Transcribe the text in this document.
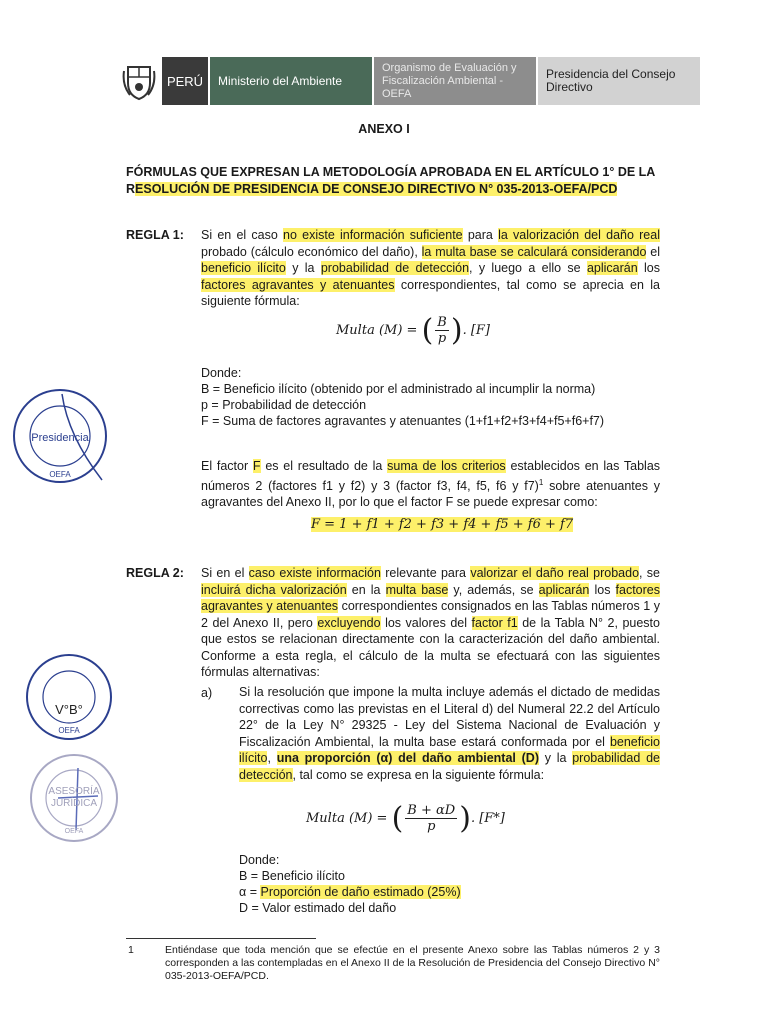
PERÚ	Ministerio del Ambiente
Organismo de Evaluación y Fiscalización Ambiental - OEFA
Presidencia del Consejo Directivo
ANEXO I
FÓRMULAS QUE EXPRESAN LA METODOLOGÍA APROBADA EN EL ARTÍCULO 1° DE LA RESOLUCIÓN DE PRESIDENCIA DE CONSEJO DIRECTIVO N° 035-2013-OEFA/PCD
REGLA 1: Si en el caso no existe información suficiente para la valorización del daño real probado (cálculo económico del daño), la multa base se calculará considerando el beneficio ilícito y la probabilidad de detección, y luego a ello se aplicarán los factores agravantes y atenuantes correspondientes, tal como se aprecia en la siguiente fórmula:
Multa (M) =
( $\frac{B}{p}$ ) . [F]
Donde:
B = Beneficio ilícito (obtenido por el administrado al incumplir la norma)
p = Probabilidad de detección
F = Suma de factores agravantes y atenuantes (1+f1+f2+f3+f4+f5+f6+f7)
El factor F es el resultado de la suma de los criterios establecidos en las Tablas números 2 (factores f1 y f2) y 3 (factor f3, f4, f5, f6 y f7)$^1$ sobre atenuantes y agravantes del Anexo II, por lo que el factor F se puede expresar como:
F = 1 + f1 + f2 + f3 + f4 + f5 + f6 + f7
REGLA 2: Si en el caso existe información relevante para valorizar el daño real probado, se incluirá dicha valorización en la multa base y, además, se aplicarán los factores agravantes y atenuantes correspondientes consignados en las Tablas números 1 y 2 del Anexo II, pero excluyendo los valores del factor f1 de la Tabla N° 2, puesto que estos se relacionan directamente con la caracterización del daño ambiental. Conforme a esta regla, el cálculo de la multa se efectuará con las siguientes fórmulas alternativas:
a) Si la resolución que impone la multa incluye además el dictado de medidas correctivas como las previstas en el Literal d) del Numeral 22.2 del Artículo 22° de la Ley N° 29325 - Ley del Sistema Nacional de Evaluación y Fiscalización Ambiental, la multa base estará conformada por el beneficio ilícito, una proporción (α) del daño ambiental (D) y la probabilidad de detección, tal como se expresa en la siguiente fórmula:
Multa (M) =
( $\frac{B + \alpha D}{p}$ ) . [F*]
Donde:
B = Beneficio ilícito
α = Proporción de daño estimado (25%)
D = Valor estimado del daño
1	Entiéndase que toda mención que se efectúe en el presente Anexo sobre las Tablas números 2 y 3 corresponden a las contempladas en el Anexo II de la Resolución de Presidencia del Consejo Directivo N° 035-2013-OEFA/PCD.
Presidencia
OEFA
V°B°
OEFA
ASESORÍA
JURÍDICA
OEFA
